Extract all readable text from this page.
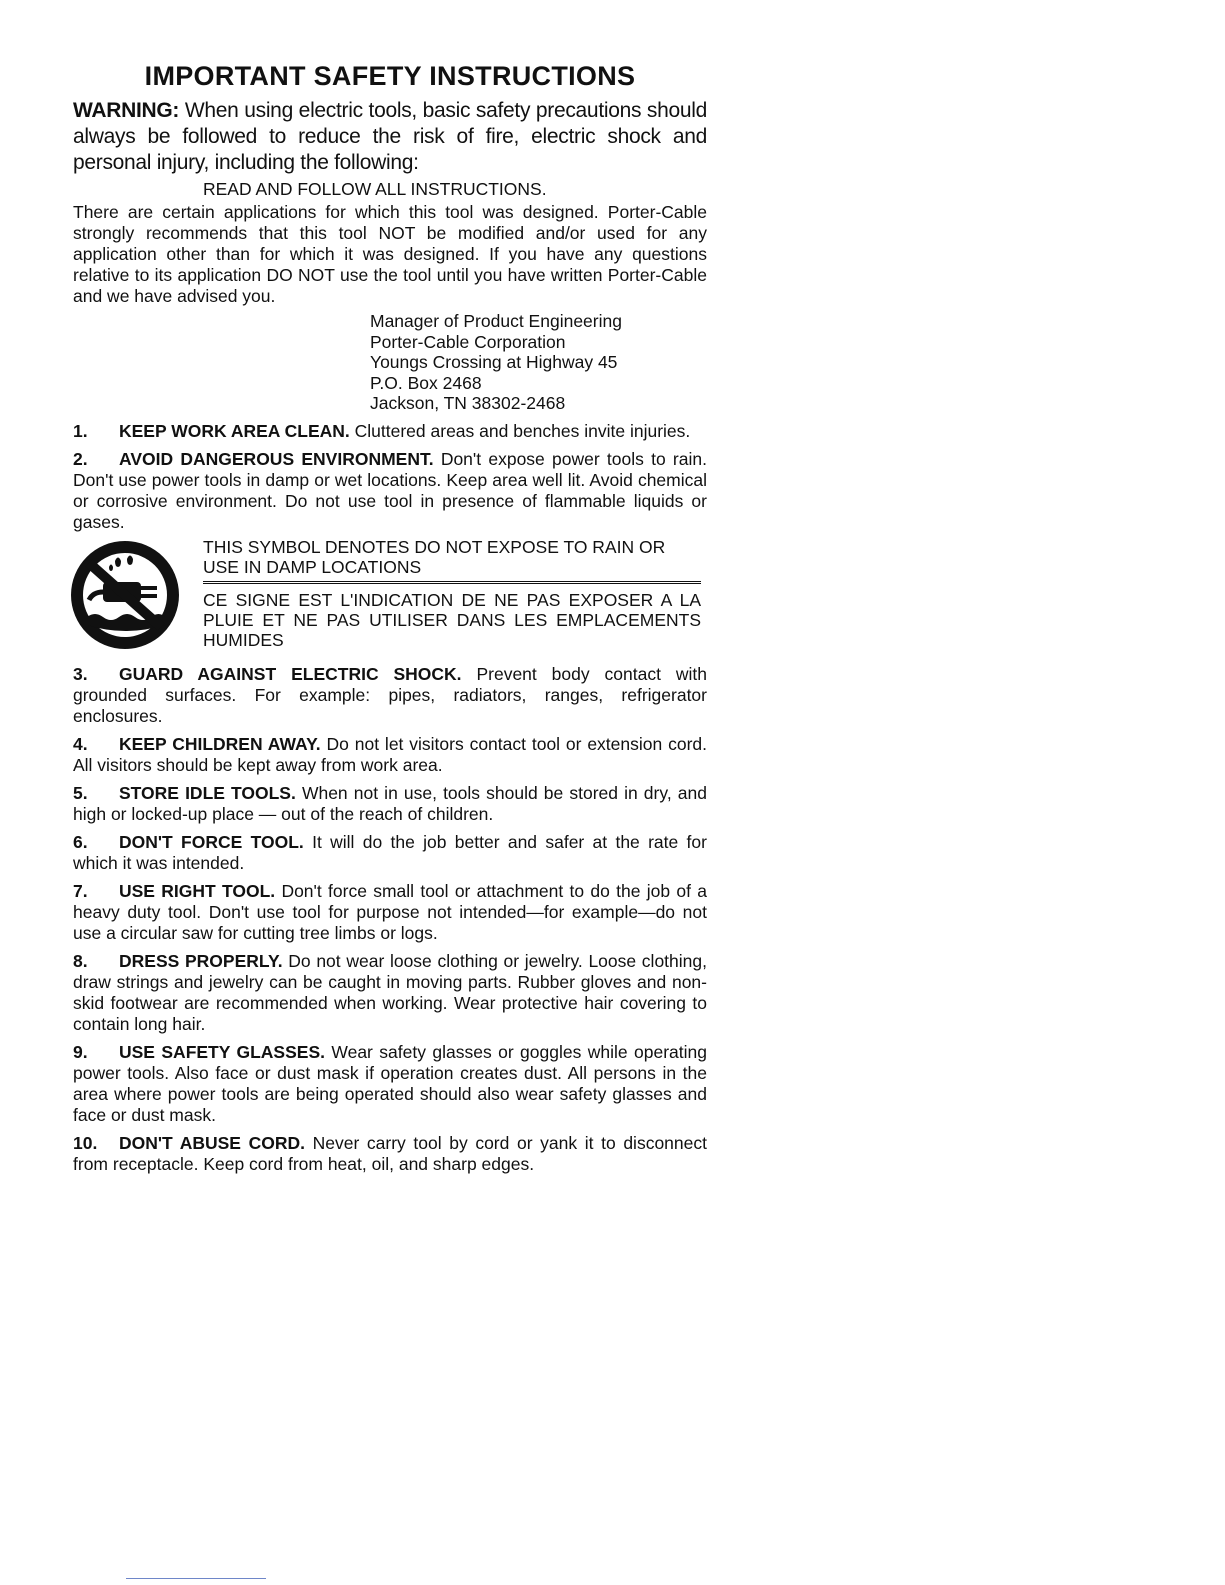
IMPORTANT SAFETY INSTRUCTIONS

WARNING: When using electric tools, basic safety precautions should always be followed to reduce the risk of fire, electric shock and personal injury, including the following:

READ AND FOLLOW ALL INSTRUCTIONS.

There are certain applications for which this tool was designed. Porter-Cable strongly recommends that this tool NOT be modified and/or used for any application other than for which it was designed. If you have any questions relative to its application DO NOT use the tool until you have written Porter-Cable and we have advised you.

Manager of Product Engineering
Porter-Cable Corporation
Youngs Crossing at Highway 45
P.O. Box 2468
Jackson, TN 38302-2468

1. KEEP WORK AREA CLEAN. Cluttered areas and benches invite injuries.

2. AVOID DANGEROUS ENVIRONMENT. Don't expose power tools to rain. Don't use power tools in damp or wet locations. Keep area well lit. Avoid chemical or corrosive environment. Do not use tool in presence of flammable liquids or gases.

THIS SYMBOL DENOTES DO NOT EXPOSE TO RAIN OR USE IN DAMP LOCATIONS
CE SIGNE EST L'INDICATION DE NE PAS EXPOSER A LA PLUIE ET NE PAS UTILISER DANS LES EMPLACEMENTS HUMIDES

3. GUARD AGAINST ELECTRIC SHOCK. Prevent body contact with grounded surfaces. For example: pipes, radiators, ranges, refrigerator enclosures.

4. KEEP CHILDREN AWAY. Do not let visitors contact tool or extension cord. All visitors should be kept away from work area.

5. STORE IDLE TOOLS. When not in use, tools should be stored in dry, and high or locked-up place — out of the reach of children.

6. DON'T FORCE TOOL. It will do the job better and safer at the rate for which it was intended.

7. USE RIGHT TOOL. Don't force small tool or attachment to do the job of a heavy duty tool. Don't use tool for purpose not intended—for example—do not use a circular saw for cutting tree limbs or logs.

8. DRESS PROPERLY. Do not wear loose clothing or jewelry. Loose clothing, draw strings and jewelry can be caught in moving parts. Rubber gloves and non-skid footwear are recommended when working. Wear protective hair covering to contain long hair.

9. USE SAFETY GLASSES. Wear safety glasses or goggles while operating power tools. Also face or dust mask if operation creates dust. All persons in the area where power tools are being operated should also wear safety glasses and face or dust mask.

10. DON'T ABUSE CORD. Never carry tool by cord or yank it to disconnect from receptacle. Keep cord from heat, oil, and sharp edges.
